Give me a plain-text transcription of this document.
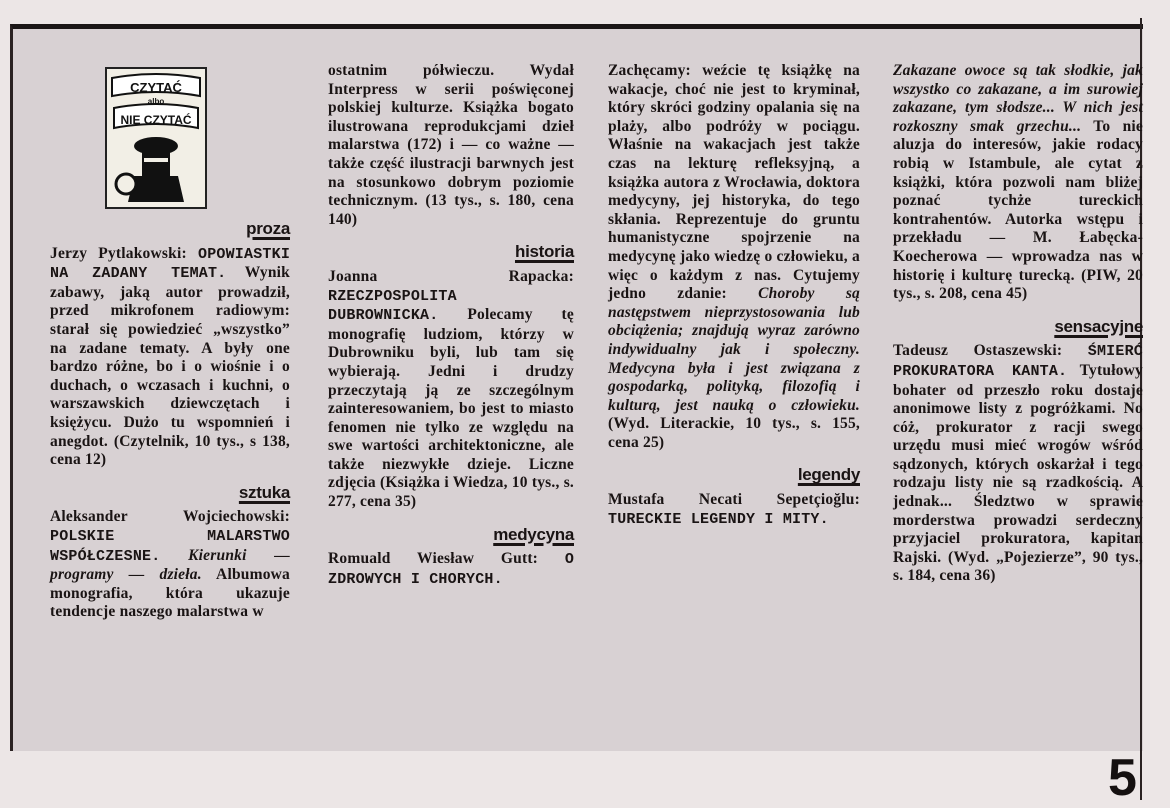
CZYTAĆ
albo
NIE CZYTAĆ
proza

Jerzy Pytlakowski: OPOWIASTKI NA ZADANY TEMAT. Wynik zabawy, jaką autor prowadził, przed mikrofonem radiowym: starał się powiedzieć „wszystko” na zadane tematy. A były one bardzo różne, bo i o wiośnie i o duchach, o wczasach i kuchni, o warszawskich dziewczętach i księżycu. Dużo tu wspomnień i anegdot. (Czytelnik, 10 tys., s 138, cena 12)

sztuka

Aleksander Wojciechowski: POLSKIE MALARSTWO WSPÓŁCZESNE. Kierunki — programy — dzieła. Albumowa monografia, która ukazuje tendencje naszego malarstwa w

ostatnim półwieczu. Wydał Interpress w serii poświęconej polskiej kulturze. Książka bogato ilustrowana reprodukcjami dzieł malarstwa (172) i — co ważne — także część ilustracji barwnych jest na stosunkowo dobrym poziomie technicznym. (13 tys., s. 180, cena 140)

historia

Joanna Rapacka: RZECZPOSPOLITA DUBROWNICKA. Polecamy tę monografię ludziom, którzy w Dubrowniku byli, lub tam się wybierają. Jedni i drudzy przeczytają ją ze szczególnym zainteresowaniem, bo jest to miasto fenomen nie tylko ze względu na swe wartości architektoniczne, ale także niezwykłe dzieje. Liczne zdjęcia (Książka i Wiedza, 10 tys., s. 277, cena 35)

medycyna

Romuald Wiesław Gutt: O ZDROWYCH I CHORYCH.

Zachęcamy: weźcie tę książkę na wakacje, choć nie jest to kryminał, który skróci godziny opalania się na plaży, albo podróży w pociągu. Właśnie na wakacjach jest także czas na lekturę refleksyjną, a książka autora z Wrocławia, doktora medycyny, jej historyka, do tego skłania. Reprezentuje do gruntu humanistyczne spojrzenie na medycynę jako wiedzę o człowieku, a więc o każdym z nas. Cytujemy jedno zdanie: Choroby są następstwem nieprzystosowania lub obciążenia; znajdują wyraz zarówno indywidualny jak i społeczny. Medycyna była i jest związana z gospodarką, polityką, filozofią i kulturą, jest nauką o człowieku. (Wyd. Literackie, 10 tys., s. 155, cena 25)

legendy

Mustafa Necati Sepetçioğlu: TURECKIE LEGENDY I MITY.

Zakazane owoce są tak słodkie, jak wszystko co zakazane, a im surowiej zakazane, tym słodsze... W nich jest rozkoszny smak grzechu... To nie aluzja do interesów, jakie rodacy robią w Istambule, ale cytat z książki, która pozwoli nam bliżej poznać tychże tureckich kontrahentów. Autorka wstępu i przekładu — M. Łabęcka-Koecherowa — wprowadza nas w historię i kulturę turecką. (PIW, 20 tys., s. 208, cena 45)

sensacyjne

Tadeusz Ostaszewski: ŚMIERĆ PROKURATORA KANTA. Tytułowy bohater od przeszło roku dostaje anonimowe listy z pogróżkami. No cóż, prokurator z racji swego urzędu musi mieć wrogów wśród sądzonych, których oskarżał i tego rodzaju listy nie są rzadkością. A jednak... Śledztwo w sprawie morderstwa prowadzi serdeczny przyjaciel prokuratora, kapitan Rajski. (Wyd. „Pojezierze”, 90 tys., s. 184, cena 36)

5
